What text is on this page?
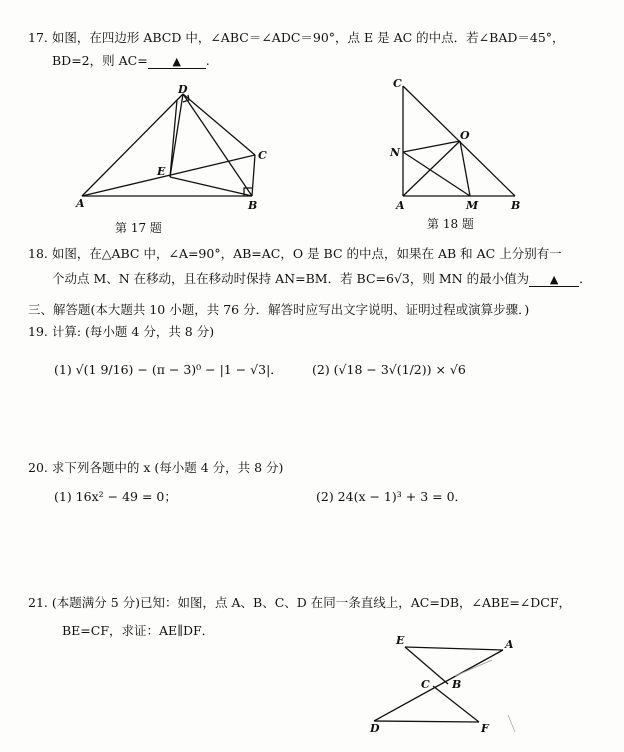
17. 如图，在四边形 ABCD 中，∠ABC＝∠ADC＝90°，点 E 是 AC 的中点．若∠BAD＝45°，
BD=2，则 AC= ▲ .
A	B
C
D
E
第 17 题
C
N
O
A	M	B
第 18 题
18. 如图，在△ABC 中，∠A=90°，AB=AC，O 是 BC 的中点，如果在 AB 和 AC 上分别有一
个动点 M、N 在移动，且在移动时保持 AN=BM．若 BC=6√3，则 MN 的最小值为 ▲ ．
三、解答题(本大题共 10 小题，共 76 分．解答时应写出文字说明、证明过程或演算步骤．)
19. 计算: (每小题 4 分，共 8 分)
(1) √(1 9/16) − (π − 3)⁰ − |1 − √3|． (2) (√18 − 3√(1/2)) × √6
20. 求下列各题中的 x (每小题 4 分，共 8 分)
(1) 16x² − 49 = 0；	(2) 24(x − 1)³ + 3 = 0．
21. (本题满分 5 分)已知：如图，点 A、B、C、D 在同一条直线上，AC=DB，∠ABE=∠DCF，
BE=CF，求证：AE∥DF．
E	A
C B
D	F
